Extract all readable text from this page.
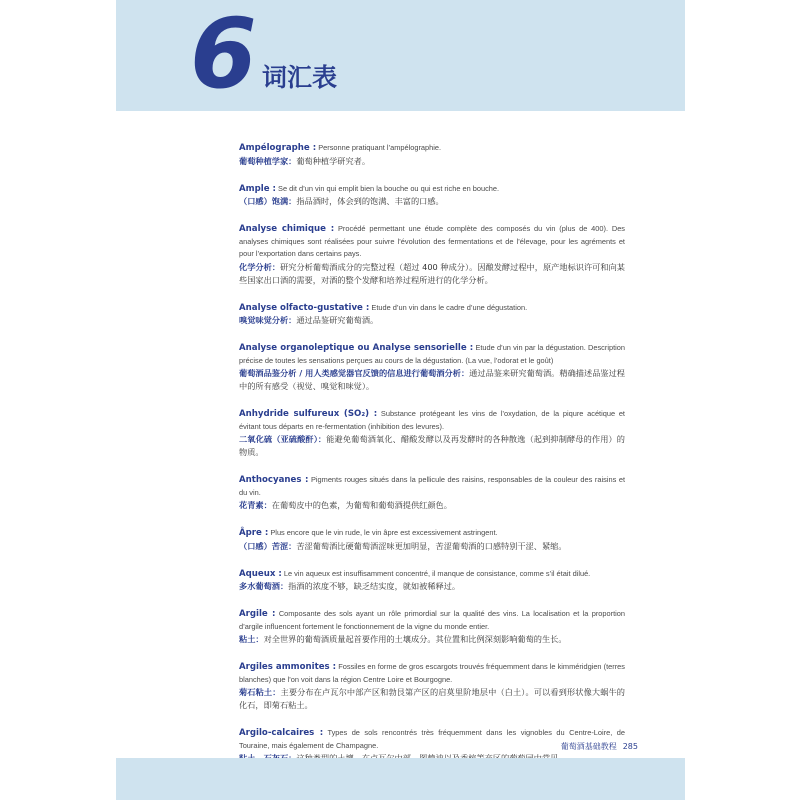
6 词汇表
Ampélographe : Personne pratiquant l’ampélographie.
葡萄种植学家：葡萄种植学研究者。
Ample : Se dit d’un vin qui emplit bien la bouche ou qui est riche en bouche.
（口感）饱满：指品酒时，体会到的饱满、丰富的口感。
Analyse chimique : Procédé permettant une étude complète des composés du vin (plus de 400). Des analyses chimiques sont réalisées pour suivre l’évolution des fermentations et de l’élevage, pour les agréments et pour l’exportation dans certains pays.
化学分析：研究分析葡萄酒成分的完整过程（超过 400 种成分）。因酿发酵过程中，原产地标识许可和向某些国家出口酒的需要，对酒的整个发酵和培养过程所进行的化学分析。
Analyse olfacto-gustative : Etude d’un vin dans le cadre d’une dégustation.
嗅觉味觉分析：通过品鉴研究葡萄酒。
Analyse organoleptique ou Analyse sensorielle : Etude d’un vin par la dégustation. Description précise de toutes les sensations perçues au cours de la dégustation. (La vue, l’odorat et le goût)
葡萄酒品鉴分析 / 用人类感觉器官反馈的信息进行葡萄酒分析：通过品鉴来研究葡萄酒。精确描述品鉴过程中的所有感受（视觉、嗅觉和味觉）。
Anhydride sulfureux (SO₂) : Substance protégeant les vins de l’oxydation, de la piqure acétique et évitant tous départs en re-fermentation (inhibition des levures).
二氧化硫（亚硫酸酐）：能避免葡萄酒氧化、醋酸发酵以及再发酵时的各种散逸（起到抑制酵母的作用）的物质。
Anthocyanes : Pigments rouges situés dans la pellicule des raisins, responsables de la couleur des raisins et du vin.
花青素：在葡萄皮中的色素，为葡萄和葡萄酒提供红颜色。
Âpre : Plus encore que le vin rude, le vin âpre est excessivement astringent.
（口感）苦涩：苦涩葡萄酒比硬葡萄酒涩味更加明显，苦涩葡萄酒的口感特别干涩、紧缩。
Aqueux : Le vin aqueux est insuffisamment concentré, il manque de consistance, comme s’il était dilué.
多水葡萄酒：指酒的浓度不够，缺乏结实度，就如被稀释过。
Argile : Composante des sols ayant un rôle primordial sur la qualité des vins. La localisation et la proportion d’argile influencent fortement le fonctionnement de la vigne du monde entier.
粘土：对全世界的葡萄酒质量起首要作用的土壤成分。其位置和比例深刻影响葡萄的生长。
Argiles ammonites : Fossiles en forme de gros escargots trouvés fréquemment dans le kimméridgien (terres blanches) que l’on voit dans la région Centre Loire et Bourgogne.
菊石粘土：主要分布在卢瓦尔中部产区和勃艮第产区的启莫里阶地层中（白土）。可以看到形状像大蜗牛的化石，即菊石粘土。
Argilo-calcaires : Types de sols rencontrés très fréquemment dans les vignobles du Centre-Loire, de Touraine, mais également de Champagne.	葡萄酒基础教程 285
